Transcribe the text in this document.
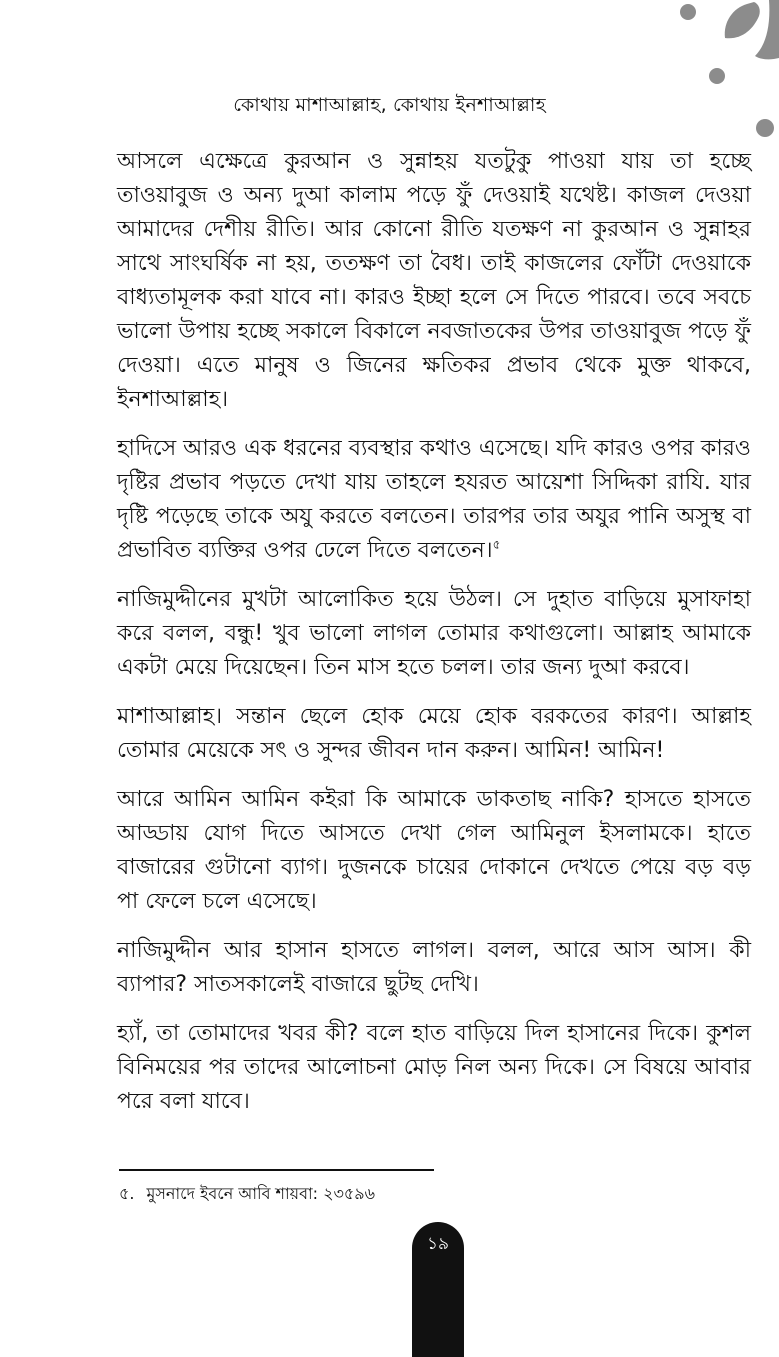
কোথায় মাশাআল্লাহ, কোথায় ইনশাআল্লাহ

আসলে এক্ষেত্রে কুরআন ও সুন্নাহয় যতটুকু পাওয়া যায় তা হচ্ছে তাওয়াবুজ ও অন্য দুআ কালাম পড়ে ফুঁ দেওয়াই যথেষ্ট। কাজল দেওয়া আমাদের দেশীয় রীতি। আর কোনো রীতি যতক্ষণ না কুরআন ও সুন্নাহর সাথে সাংঘর্ষিক না হয়, ততক্ষণ তা বৈধ। তাই কাজলের ফোঁটা দেওয়াকে বাধ্যতামূলক করা যাবে না। কারও ইচ্ছা হলে সে দিতে পারবে। তবে সবচে ভালো উপায় হচ্ছে সকালে বিকালে নবজাতকের উপর তাওয়াবুজ পড়ে ফুঁ দেওয়া। এতে মানুষ ও জিনের ক্ষতিকর প্রভাব থেকে মুক্ত থাকবে, ইনশাআল্লাহ।

হাদিসে আরও এক ধরনের ব্যবস্থার কথাও এসেছে। যদি কারও ওপর কারও দৃষ্টির প্রভাব পড়তে দেখা যায় তাহলে হযরত আয়েশা সিদ্দিকা রাযি. যার দৃষ্টি পড়েছে তাকে অযু করতে বলতেন। তারপর তার অযুর পানি অসুস্থ বা প্রভাবিত ব্যক্তির ওপর ঢেলে দিতে বলতেন।$^৫$

নাজিমুদ্দীনের মুখটা আলোকিত হয়ে উঠল। সে দুহাত বাড়িয়ে মুসাফাহা করে বলল, বন্ধু! খুব ভালো লাগল তোমার কথাগুলো। আল্লাহ আমাকে একটা মেয়ে দিয়েছেন। তিন মাস হতে চলল। তার জন্য দুআ করবে।

মাশাআল্লাহ। সন্তান ছেলে হোক মেয়ে হোক বরকতের কারণ। আল্লাহ তোমার মেয়েকে সৎ ও সুন্দর জীবন দান করুন। আমিন! আমিন!

আরে আমিন আমিন কইরা কি আমাকে ডাকতাছ নাকি? হাসতে হাসতে আড্ডায় যোগ দিতে আসতে দেখা গেল আমিনুল ইসলামকে। হাতে বাজারের গুটানো ব্যাগ। দুজনকে চায়ের দোকানে দেখতে পেয়ে বড় বড় পা ফেলে চলে এসেছে।

নাজিমুদ্দীন আর হাসান হাসতে লাগল। বলল, আরে আস আস। কী ব্যাপার? সাতসকালেই বাজারে ছুটছ দেখি।

হ্যাঁ, তা তোমাদের খবর কী? বলে হাত বাড়িয়ে দিল হাসানের দিকে। কুশল বিনিময়ের পর তাদের আলোচনা মোড় নিল অন্য দিকে। সে বিষয়ে আবার পরে বলা যাবে।

৫. মুসনাদে ইবনে আবি শায়বা: ২৩৫৯৬
১৯
